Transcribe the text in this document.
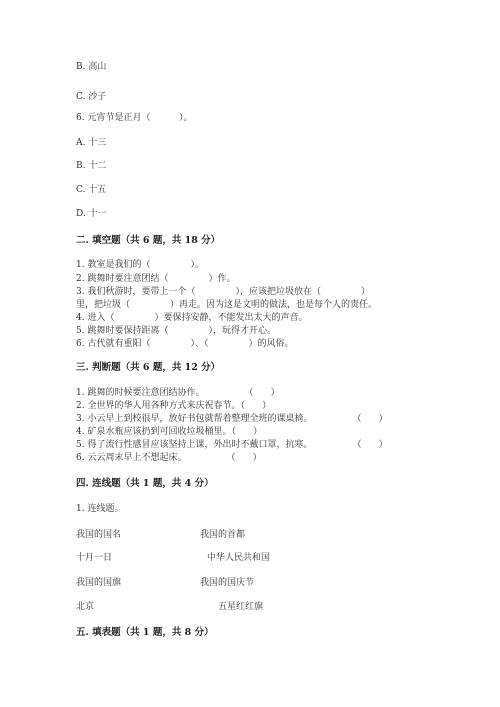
B. 高山
C. 沙子
6. 元宵节是正月（          ）。
A. 十三
B. 十二
C. 十五
D. 十一
二. 填空题（共 6 题，共 18 分）
1. 教室是我们的（              ）。
2. 跳舞时要注意团结（              ）作。
3. 我们秋游时，要带上一个（              ），应该把垃圾放在（              ）
里，把垃圾（              ）再走。因为这是文明的做法，也是每个人的责任。
4. 进入（              ）要保持安静，不能发出太大的声音。
5. 跳舞时要保持距离（              ），玩得才开心。
6. 古代就有重阳（              ）、（              ）的风俗。
三. 判断题（共 6 题，共 12 分）
1. 跳舞的时候要注意团结协作。              （      ）
2. 全世界的华人用各种方式来庆祝春节。（      ）
3. 小云早上到校很早，放好书包就帮着整理全班的课桌椅。              （      ）
4. 矿泉水瓶应该扔到可回收垃圾桶里。（      ）
5. 得了流行性感冒应该坚持上课，外出时不戴口罩，抗寒。              （      ）
6. 云云周末早上不想起床。              （      ）
四. 连线题（共 1 题，共 4 分）
1. 连线题。
我国的国名	我国的首都
十月一日	中华人民共和国
我国的国旗	我国的国庆节
北京	五星红红旗
五. 填表题（共 1 题，共 8 分）
